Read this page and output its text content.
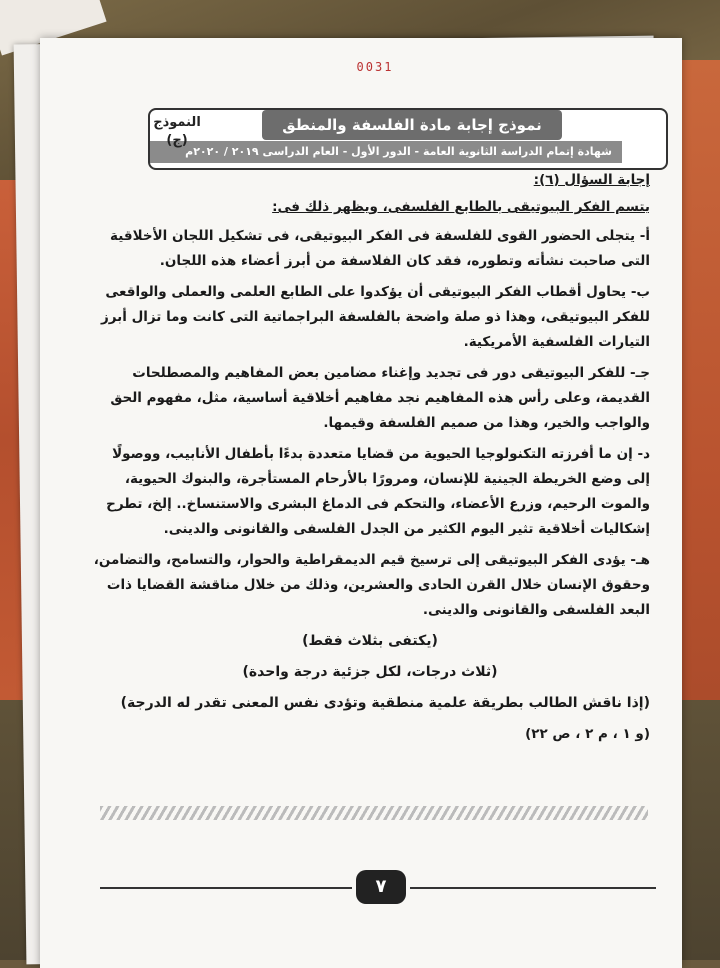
0031
نموذج إجابة مادة الفلسفة والمنطق
شهادة إتمام الدراسة الثانوية العامة - الدور الأول - العام الدراسى ٢٠١٩ / ٢٠٢٠م
النموذج
(ج)
إجابة السؤال (٦):
يتسم الفكر البيوتيقى بالطابع الفلسفى، ويظهر ذلك فى:
أ- يتجلى الحضور القوى للفلسفة فى الفكر البيوتيقى، فى تشكيل اللجان الأخلاقية التى صاحبت نشأته وتطوره، فقد كان الفلاسفة من أبرز أعضاء هذه اللجان.
ب- يحاول أقطاب الفكر البيوتيقى أن يؤكدوا على الطابع العلمى والعملى والواقعى للفكر البيوتيقى، وهذا ذو صلة واضحة بالفلسفة البراجماتية التى كانت وما تزال أبرز التيارات الفلسفية الأمريكية.
جـ- للفكر البيوتيقى دور فى تجديد وإغناء مضامين بعض المفاهيم والمصطلحات القديمة، وعلى رأس هذه المفاهيم نجد مفاهيم أخلاقية أساسية، مثل، مفهوم الحق والواجب والخير، وهذا من صميم الفلسفة وقيمها.
د- إن ما أفرزته التكنولوجيا الحيوية من قضايا متعددة بدءًا بأطفال الأنابيب، ووصولًا إلى وضع الخريطة الجينية للإنسان، ومرورًا بالأرحام المستأجرة، والبنوك الحيوية، والموت الرحيم، وزرع الأعضاء، والتحكم فى الدماغ البشرى والاستنساخ.. إلخ، تطرح إشكاليات أخلاقية تثير اليوم الكثير من الجدل الفلسفى والقانونى والدينى.
هـ- يؤدى الفكر البيوتيقى إلى ترسيخ قيم الديمقراطية والحوار، والتسامح، والتضامن، وحقوق الإنسان خلال القرن الحادى والعشرين، وذلك من خلال مناقشة القضايا ذات البعد الفلسفى والقانونى والدينى.
(يكتفى بثلاث فقط)
(ثلاث درجات، لكل جزئية درجة واحدة)
(إذا ناقش الطالب بطريقة علمية منطقية وتؤدى نفس المعنى تقدر له الدرجة)
(و ١ ، م ٢ ، ص ٢٢)
٧
